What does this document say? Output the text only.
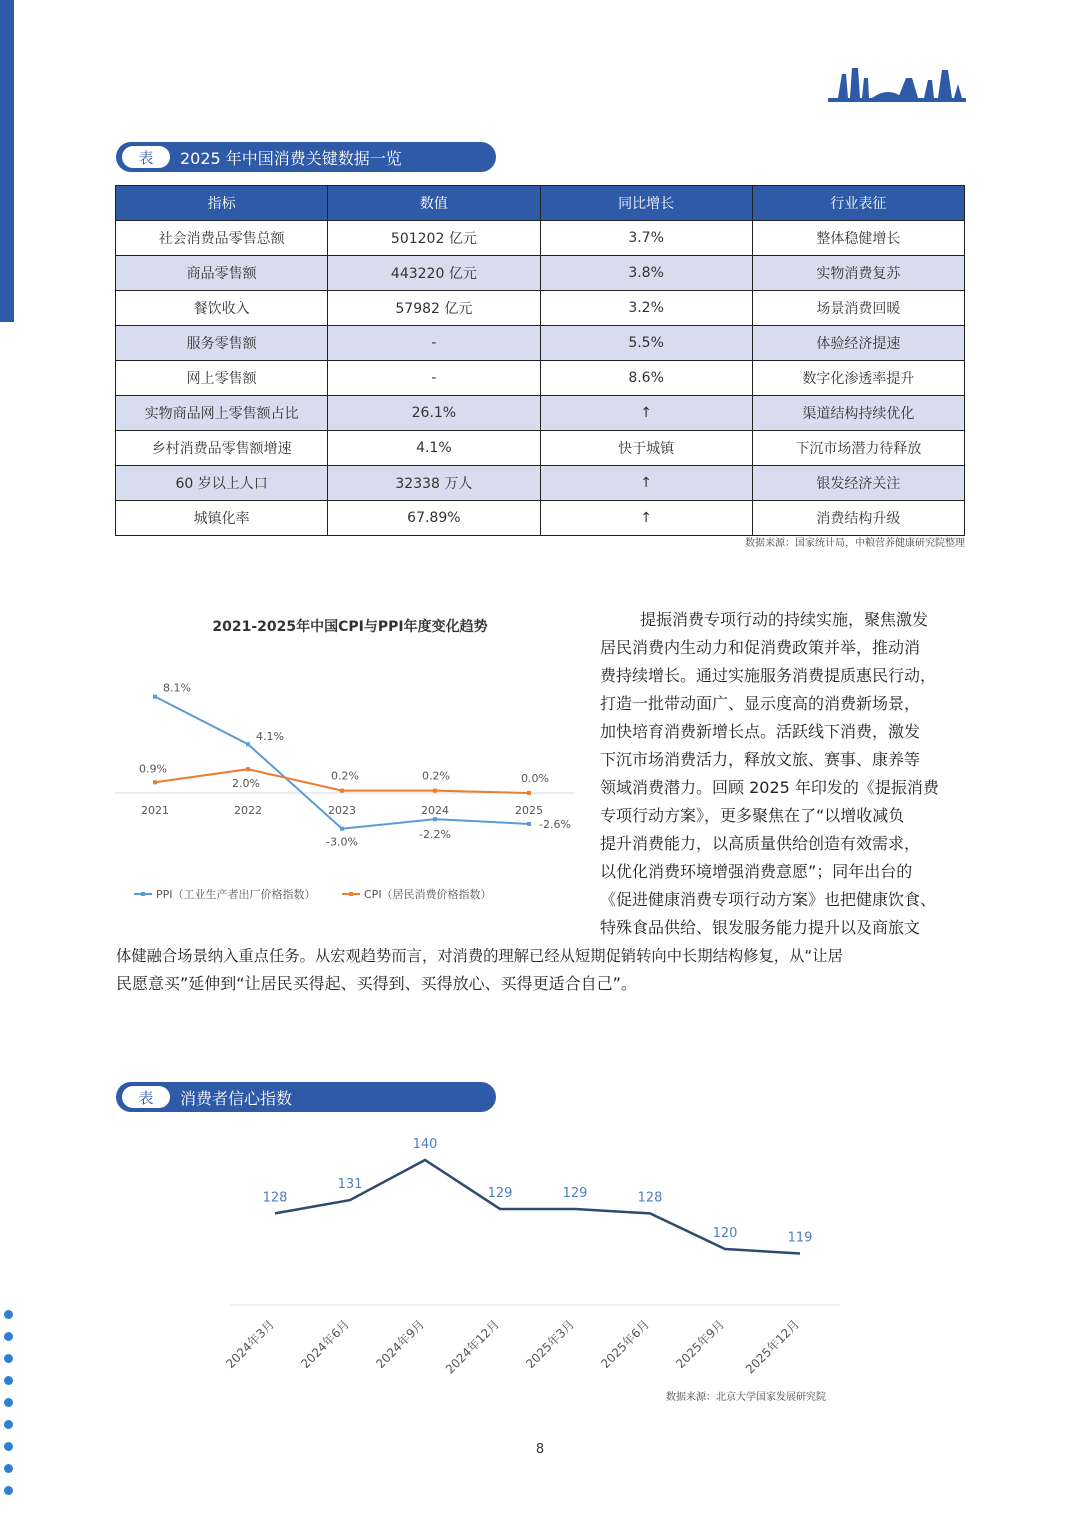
表	2025 年中国消费关键数据一览
指标	数值	同比增长	行业表征
社会消费品零售总额	501202 亿元	3.7%	整体稳健增长
商品零售额	443220 亿元	3.8%	实物消费复苏
餐饮收入	57982 亿元	3.2%	场景消费回暖
服务零售额	-	5.5%	体验经济提速
网上零售额	-	8.6%	数字化渗透率提升
实物商品网上零售额占比	26.1%	↑	渠道结构持续优化
乡村消费品零售额增速	4.1%	快于城镇	下沉市场潜力待释放
60 岁以上人口	32338 万人	↑	银发经济关注
城镇化率	67.89%	↑	消费结构升级
数据来源：国家统计局，中粮营养健康研究院整理
2021-2025年中国CPI与PPI年度变化趋势
2021	2022	2023	2024	2025
8.1%
4.1%
-3.0%
-2.2%
-2.6%
0.9%
2.0%
0.2%	0.2%	0.0%
PPI（工业生产者出厂价格指数）	CPI（居民消费价格指数）
提振消费专项行动的持续实施，聚焦激发
居民消费内生动力和促消费政策并举，推动消
费持续增长。通过实施服务消费提质惠民行动，
打造一批带动面广、显示度高的消费新场景，
加快培育消费新增长点。活跃线下消费，激发
下沉市场消费活力，释放文旅、赛事、康养等
领域消费潜力。回顾 2025 年印发的《提振消费
专项行动方案》，更多聚焦在了“以增收减负
提升消费能力，以高质量供给创造有效需求，
以优化消费环境增强消费意愿”；同年出台的
《促进健康消费专项行动方案》也把健康饮食、
特殊食品供给、银发服务能力提升以及商旅文
体健融合场景纳入重点任务。从宏观趋势而言，对消费的理解已经从短期促销转向中长期结构修复，从“让居
民愿意买”延伸到“让居民买得起、买得到、买得放心、买得更适合自己”。
表	消费者信心指数
128
131
140
129	129	128
120	119
2024年3月 2024年6月 2024年9月 2024年12月 2025年3月 2025年6月 2025年9月 2025年12月
数据来源：北京大学国家发展研究院
8
